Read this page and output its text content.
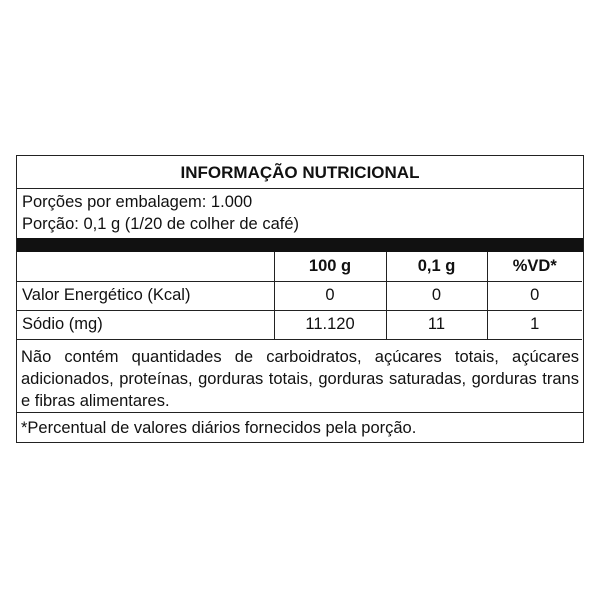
INFORMAÇÃO NUTRICIONAL
Porções por embalagem: 1.000
Porção: 0,1 g (1/20 de colher de café)
	100 g	0,1 g	%VD*
Valor Energético (Kcal)	0	0	0
Sódio (mg)	11.120	11	1
Não contém quantidades de carboidratos, açúcares totais, açúcares adicionados, proteínas, gorduras totais, gorduras saturadas, gorduras trans e fibras alimentares.
*Percentual de valores diários fornecidos pela porção.
